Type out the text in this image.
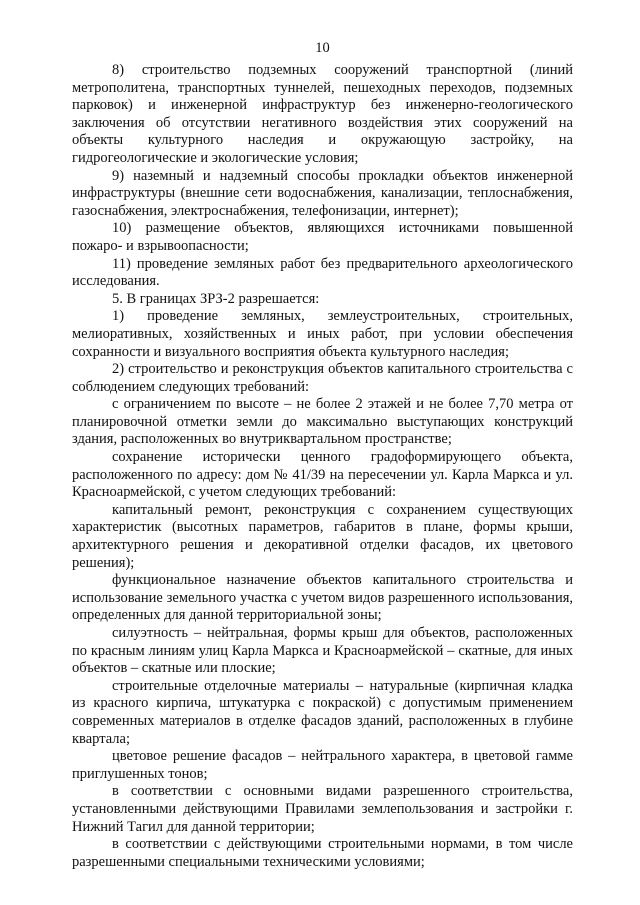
10

8) строительство подземных сооружений транспортной (линий метрополитена, транспортных туннелей, пешеходных переходов, подземных парковок) и инженерной инфраструктур без инженерно-геологического заключения об отсутствии негативного воздействия этих сооружений на объекты культурного наследия и окружающую застройку, на гидрогеологические и экологические условия;

9) наземный и надземный способы прокладки объектов инженерной инфраструктуры (внешние сети водоснабжения, канализации, теплоснабжения, газоснабжения, электроснабжения, телефонизации, интернет);

10) размещение объектов, являющихся источниками повышенной пожаро- и взрывоопасности;

11) проведение земляных работ без предварительного археологического исследования.

5. В границах ЗРЗ-2 разрешается:

1) проведение земляных, землеустроительных, строительных, мелиоративных, хозяйственных и иных работ, при условии обеспечения сохранности и визуального восприятия объекта культурного наследия;

2) строительство и реконструкция объектов капитального строительства с соблюдением следующих требований:

с ограничением по высоте – не более 2 этажей и не более 7,70 метра от планировочной отметки земли до максимально выступающих конструкций здания, расположенных во внутриквартальном пространстве;

сохранение исторически ценного градоформирующего объекта, расположенного по адресу: дом № 41/39 на пересечении ул. Карла Маркса и ул. Красноармейской, с учетом следующих требований:

капитальный ремонт, реконструкция с сохранением существующих характеристик (высотных параметров, габаритов в плане, формы крыши, архитектурного решения и декоративной отделки фасадов, их цветового решения);

функциональное назначение объектов капитального строительства и использование земельного участка с учетом видов разрешенного использования, определенных для данной территориальной зоны;

силуэтность – нейтральная, формы крыш для объектов, расположенных по красным линиям улиц Карла Маркса и Красноармейской – скатные, для иных объектов – скатные или плоские;

строительные отделочные материалы – натуральные (кирпичная кладка из красного кирпича, штукатурка с покраской) с допустимым применением современных материалов в отделке фасадов зданий, расположенных в глубине квартала;

цветовое решение фасадов – нейтрального характера, в цветовой гамме приглушенных тонов;

в соответствии с основными видами разрешенного строительства, установленными действующими Правилами землепользования и застройки г. Нижний Тагил для данной территории;

в соответствии с действующими строительными нормами, в том числе разрешенными специальными техническими условиями;
